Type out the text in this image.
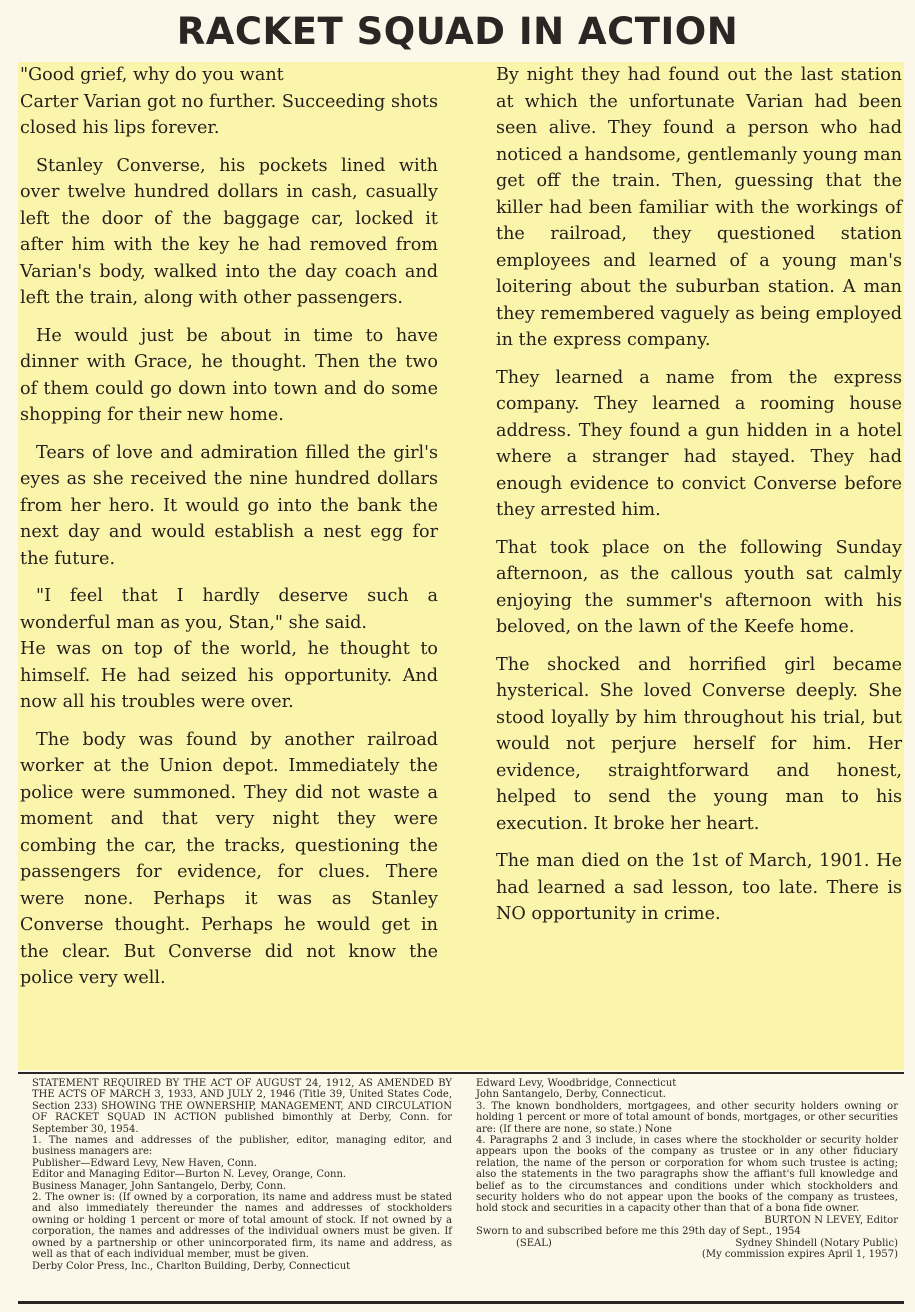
RACKET SQUAD IN ACTION

"Good grief, why do you want

Carter Varian got no further. Succeeding shots closed his lips forever.

Stanley Converse, his pockets lined with over twelve hundred dollars in cash, casually left the door of the baggage car, locked it after him with the key he had removed from Varian's body, walked into the day coach and left the train, along with other passengers.

He would just be about in time to have dinner with Grace, he thought. Then the two of them could go down into town and do some shopping for their new home.

Tears of love and admiration filled the girl's eyes as she received the nine hundred dollars from her hero. It would go into the bank the next day and would establish a nest egg for the future.

"I feel that I hardly deserve such a wonderful man as you, Stan," she said.

He was on top of the world, he thought to himself. He had seized his opportunity. And now all his troubles were over.

The body was found by another railroad worker at the Union depot. Immediately the police were summoned. They did not waste a moment and that very night they were combing the car, the tracks, questioning the passengers for evidence, for clues. There were none. Perhaps it was as Stanley Converse thought. Perhaps he would get in the clear. But Converse did not know the police very well.

By night they had found out the last station at which the unfortunate Varian had been seen alive. They found a person who had noticed a handsome, gentlemanly young man get off the train. Then, guessing that the killer had been familiar with the workings of the railroad, they questioned station employees and learned of a young man's loitering about the suburban station. A man they remembered vaguely as being employed in the express company.

They learned a name from the express company. They learned a rooming house address. They found a gun hidden in a hotel where a stranger had stayed. They had enough evidence to convict Converse before they arrested him.

That took place on the following Sunday afternoon, as the callous youth sat calmly enjoying the summer's afternoon with his beloved, on the lawn of the Keefe home.

The shocked and horrified girl became hysterical. She loved Converse deeply. She stood loyally by him throughout his trial, but would not perjure herself for him. Her evidence, straightforward and honest, helped to send the young man to his execution. It broke her heart.

The man died on the 1st of March, 1901. He had learned a sad lesson, too late. There is NO opportunity in crime.

STATEMENT REQUIRED BY THE ACT OF AUGUST 24, 1912, AS AMENDED BY THE ACTS OF MARCH 3, 1933, AND JULY 2, 1946 (Title 39, United States Code, Section 233) SHOWING THE OWNERSHIP, MANAGEMENT, AND CIRCULATION OF RACKET SQUAD IN ACTION published bimonthly at Derby, Conn. for September 30, 1954.
1. The names and addresses of the publisher, editor, managing editor, and business managers are:
Publisher—Edward Levy, New Haven, Conn.
Editor and Managing Editor—Burton N. Levey, Orange, Conn.
Business Manager, John Santangelo, Derby, Conn.
2. The owner is: (If owned by a corporation, its name and address must be stated and also immediately thereunder the names and addresses of stockholders owning or holding 1 percent or more of total amount of stock. If not owned by a corporation, the names and addresses of the individual owners must be given. If owned by a partnership or other unincorporated firm, its name and address, as well as that of each individual member, must be given.
Derby Color Press, Inc., Charlton Building, Derby, Connecticut
Edward Levy, Woodbridge, Connecticut
John Santangelo, Derby, Connecticut.
3. The known bondholders, mortgagees, and other security holders owning or holding 1 percent or more of total amount of bonds, mortgages, or other securities are: (If there are none, so state.) None
4. Paragraphs 2 and 3 include, in cases where the stockholder or security holder appears upon the books of the company as trustee or in any other fiduciary relation, the name of the person or corporation for whom such trustee is acting; also the statements in the two paragraphs show the affiant's full knowledge and belief as to the circumstances and conditions under which stockholders and security holders who do not appear upon the books of the company as trustees, hold stock and securities in a capacity other than that of a bona fide owner.
BURTON N LEVEY, Editor
Sworn to and subscribed before me this 29th day of Sept., 1954
(SEAL)	Sydney Shindell (Notary Public)
(My commission expires April 1, 1957)
